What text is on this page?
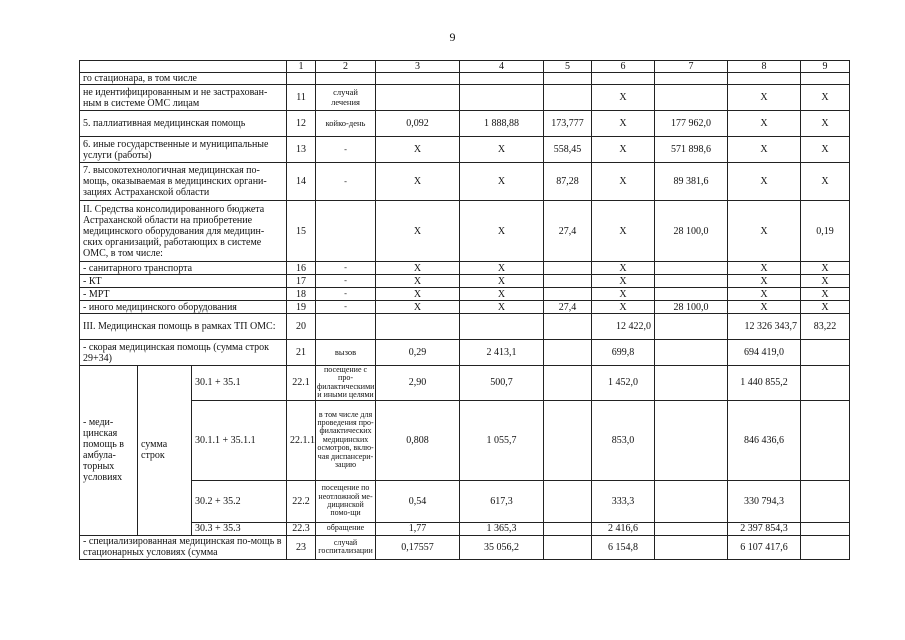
9
			1	2	3	4	5	6	7	8	9
го стационара, в том числе											
не идентифицированным и не застрахован-ным в системе ОМС лицам			11	случай лечения				Х		Х	Х
5. паллиативная медицинская помощь			12	койко-день	0,092	1 888,88	173,777	Х	177 962,0	Х	Х
6. иные государственные и муниципальные услуги (работы)			13	-	Х	Х	558,45	Х	571 898,6	Х	Х
7. высокотехнологичная медицинская по-мощь, оказываемая в медицинских органи-зациях Астраханской области			14	-	Х	Х	87,28	Х	89 381,6	Х	Х
II. Средства консолидированного бюджета Астраханской области на приобретение медицинского оборудования для медицин-ских организаций, работающих в системе ОМС, в том числе:			15		Х	Х	27,4	Х	28 100,0	Х	0,19
- санитарного транспорта			16	-	Х	Х		Х		Х	Х
- КТ			17	-	Х	Х		Х		Х	Х
- МРТ			18	-	Х	Х		Х		Х	Х
- иного медицинского оборудования			19	-	Х	Х	27,4	Х	28 100,0	Х	Х
III. Медицинская помощь в рамках ТП ОМС:			20					12 422,0		12 326 343,7	83,22
- скорая медицинская помощь (сумма строк 29+34)			21	вызов	0,29	2 413,1		699,8		694 419,0	
- меди-цинская помощь в амбула-торных условиях	сумма строк	30.1 + 35.1	22.1	посещение с про-филактическими и иными целями	2,90	500,7		1 452,0		1 440 855,2	
		30.1.1 + 35.1.1	22.1.1	в том числе для проведения про-филактических медицинских осмотров, вклю-чая диспансери-зацию	0,808	1 055,7		853,0		846 436,6	
		30.2 + 35.2	22.2	посещение по неотложной ме-дицинской помо-щи	0,54	617,3		333,3		330 794,3	
		30.3 + 35.3	22.3	обращение	1,77	1 365,3		2 416,6		2 397 854,3	
- специализированная медицинская по-мощь в стационарных условиях (сумма			23	случай госпитализации	0,17557	35 056,2		6 154,8		6 107 417,6	
